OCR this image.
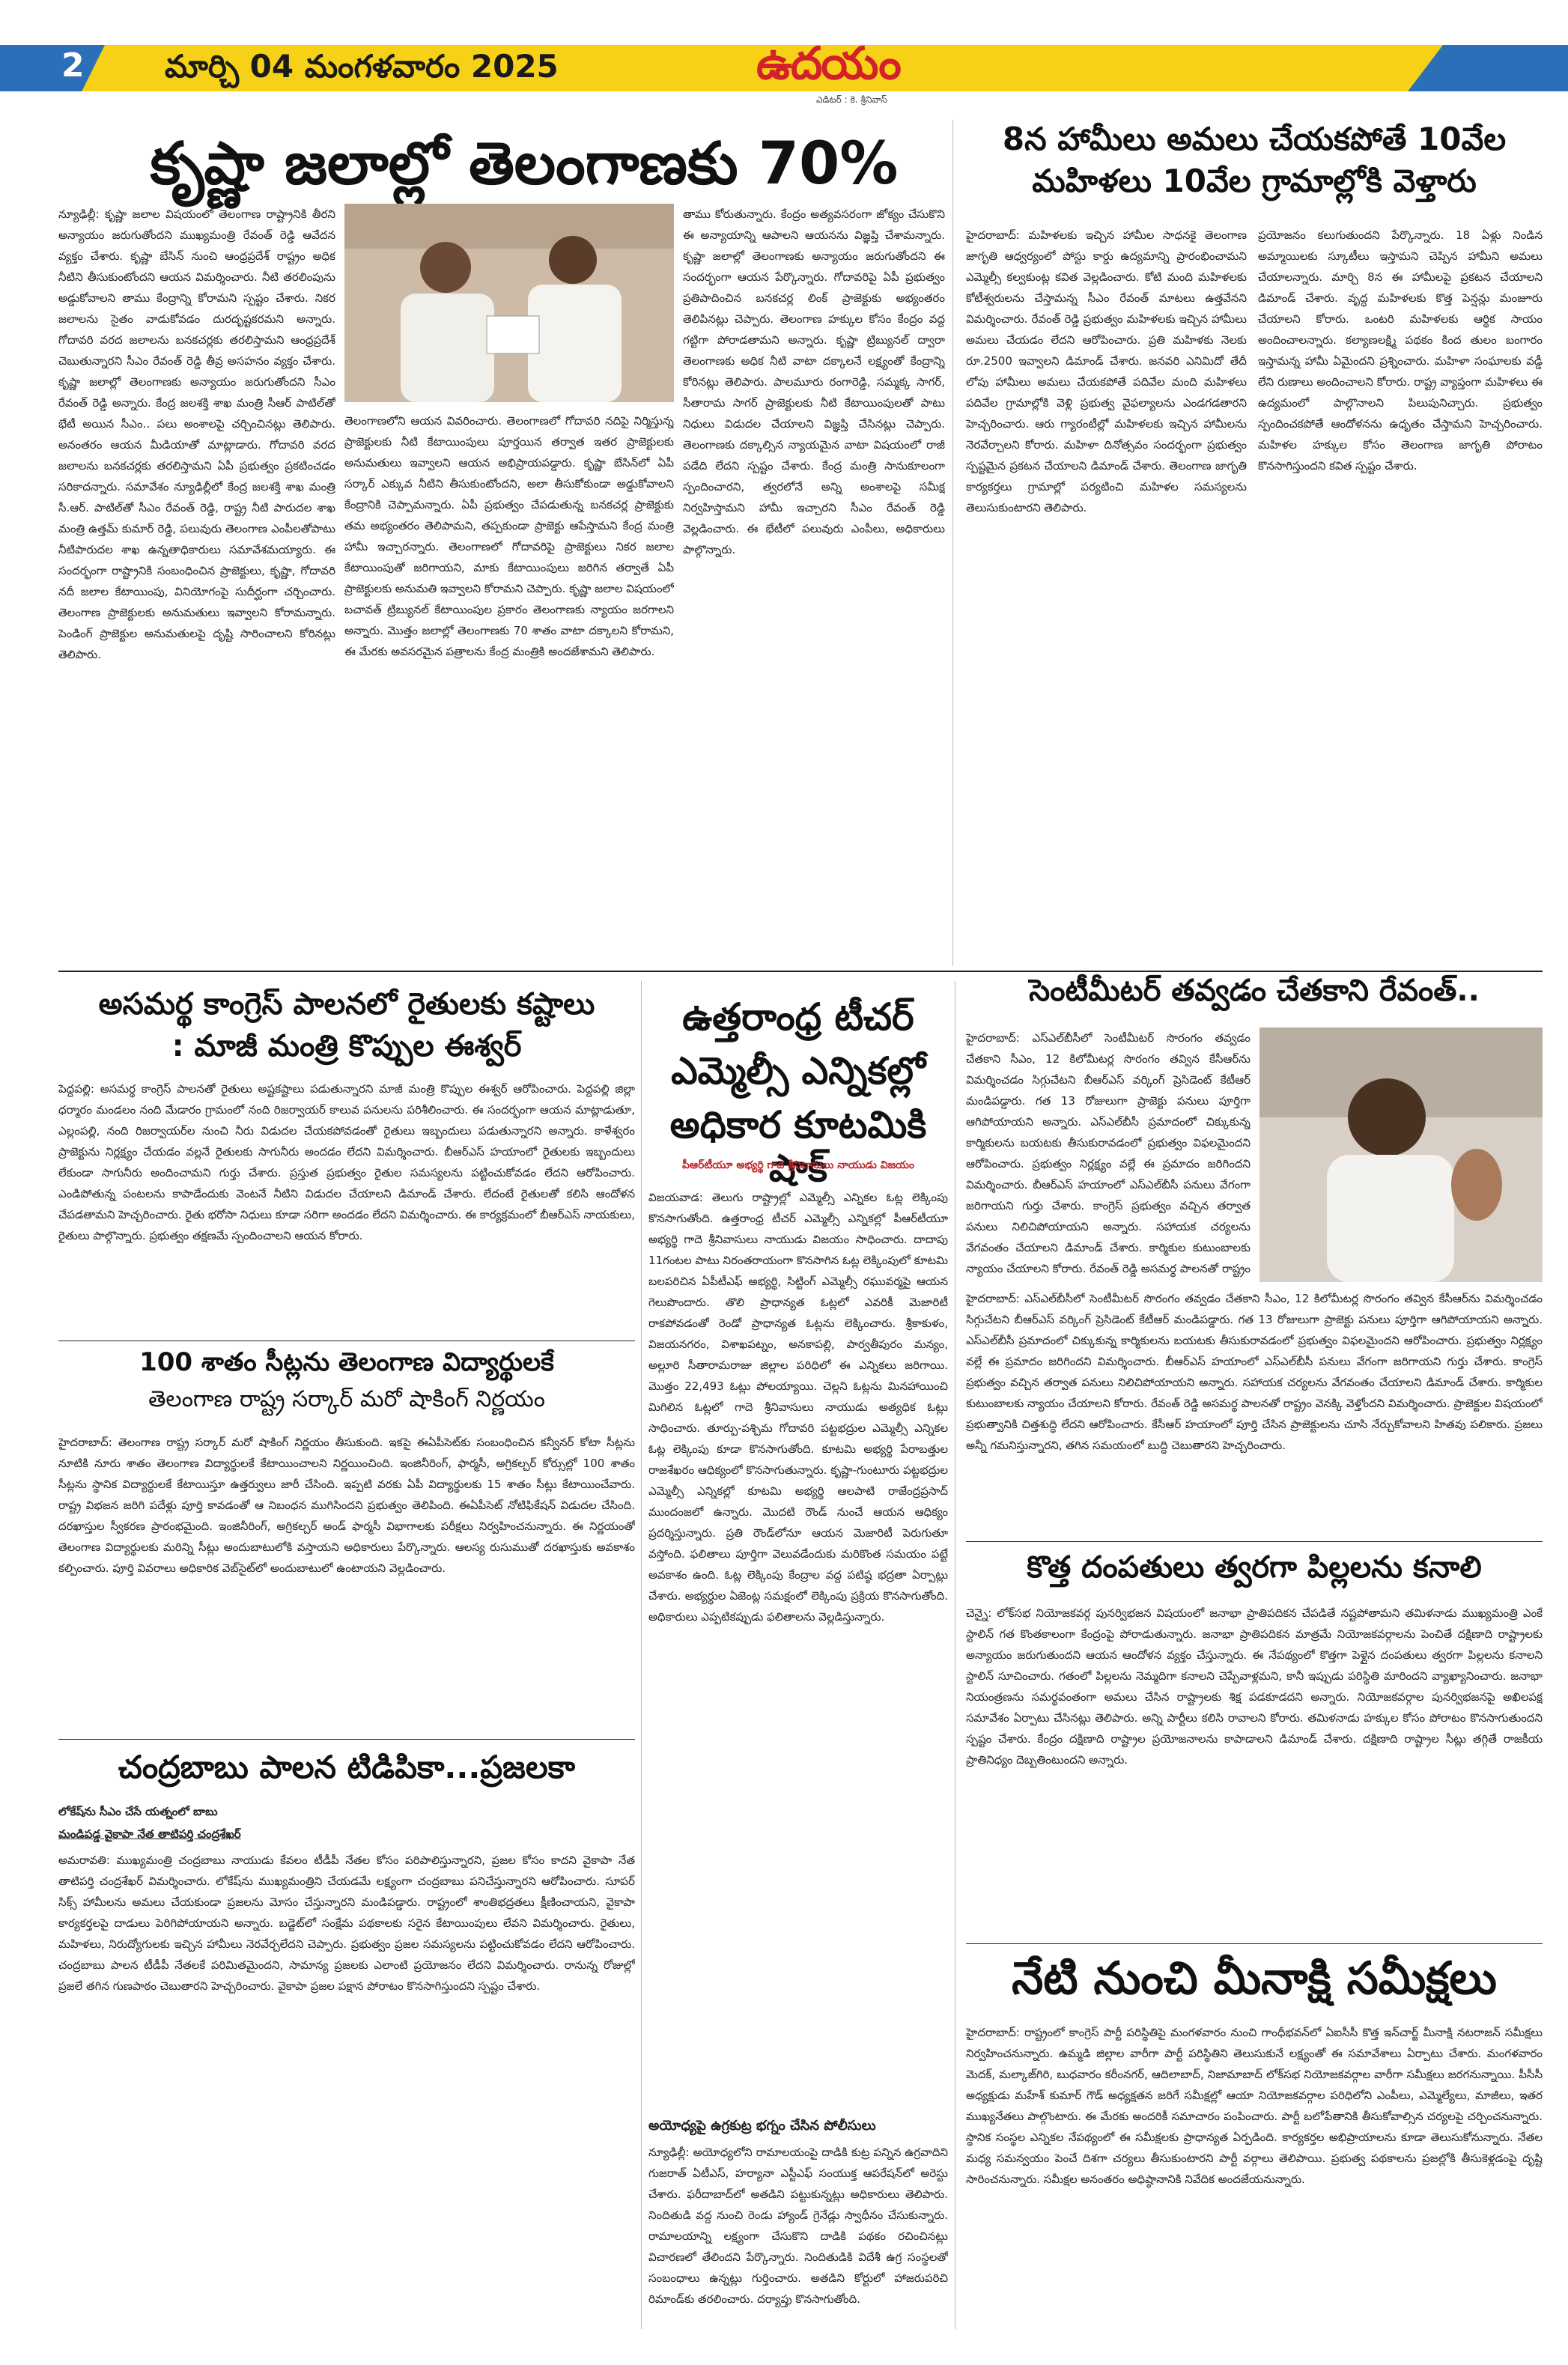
2	మార్చి 04 మంగళవారం 2025	ఉదయం
ఎడిటర్ : కె. శ్రీనివాస్
కృష్ణా జలాల్లో తెలంగాణకు 70%
న్యూఢిల్లీ: కృష్ణా జలాల విషయంలో తెలంగాణ రాష్ట్రానికి తీరని అన్యాయం జరుగుతోందని ముఖ్యమంత్రి రేవంత్ రెడ్డి ఆవేదన వ్యక్తం చేశారు. కృష్ణా బేసిన్ నుంచి ఆంధ్రప్రదేశ్ రాష్ట్రం అధిక నీటిని తీసుకుంటోందని ఆయన విమర్శించారు. నీటి తరలింపును అడ్డుకోవాలని తాము కేంద్రాన్ని కోరామని స్పష్టం చేశారు. నికర జలాలను సైతం వాడుకోవడం దురదృష్టకరమని అన్నారు. గోదావరి వరద జలాలను బనకచర్లకు తరలిస్తామని ఆంధ్రప్రదేశ్ చెబుతున్నారని సీఎం రేవంత్ రెడ్డి తీవ్ర అసహనం వ్యక్తం చేశారు. కృష్ణా జలాల్లో తెలంగాణకు అన్యాయం జరుగుతోందని సీఎం రేవంత్ రెడ్డి అన్నారు. కేంద్ర జలశక్తి శాఖ మంత్రి సీఆర్ పాటిల్‌తో భేటీ అయిన సీఎం.. పలు అంశాలపై చర్చించినట్లు తెలిపారు. అనంతరం ఆయన మీడియాతో మాట్లాడారు. గోదావరి వరద జలాలను బనకచర్లకు తరలిస్తామని ఏపీ ప్రభుత్వం ప్రకటించడం సరికాదన్నారు. సమావేశం న్యూఢిల్లీలో కేంద్ర జలశక్తి శాఖ మంత్రి సీ.ఆర్. పాటిల్‌తో సీఎం రేవంత్ రెడ్డి, రాష్ట్ర నీటి పారుదల శాఖ మంత్రి ఉత్తమ్ కుమార్ రెడ్డి, పలువురు తెలంగాణ ఎంపీలతోపాటు నీటిపారుదల శాఖ ఉన్నతాధికారులు సమావేశమయ్యారు. ఈ సందర్భంగా రాష్ట్రానికి సంబంధించిన ప్రాజెక్టులు, కృష్ణా, గోదావరి నదీ జలాల కేటాయింపు, వినియోగంపై సుదీర్ఘంగా చర్చించారు. తెలంగాణ ప్రాజెక్టులకు అనుమతులు ఇవ్వాలని కోరామన్నారు. పెండింగ్ ప్రాజెక్టుల అనుమతులపై దృష్టి సారించాలని కోరినట్లు తెలిపారు.
తెలంగాణలోని ఆయన వివరించారు. తెలంగాణలో గోదావరి నదిపై నిర్మిస్తున్న ప్రాజెక్టులకు నీటి కేటాయింపులు పూర్తయిన తర్వాత ఇతర ప్రాజెక్టులకు అనుమతులు ఇవ్వాలని ఆయన అభిప్రాయపడ్డారు. కృష్ణా బేసిన్‌లో ఏపీ సర్కార్ ఎక్కువ నీటిని తీసుకుంటోందని, అలా తీసుకోకుండా అడ్డుకోవాలని కేంద్రానికి చెప్పామన్నారు. ఏపీ ప్రభుత్వం చేపడుతున్న బనకచర్ల ప్రాజెక్టుకు తమ అభ్యంతరం తెలిపామని, తప్పకుండా ప్రాజెక్టు ఆపేస్తామని కేంద్ర మంత్రి హామీ ఇచ్చారన్నారు. తెలంగాణలో గోదావరిపై ప్రాజెక్టులు నికర జలాల కేటాయింపుతో జరిగాయని, మాకు కేటాయింపులు జరిగిన తర్వాతే ఏపీ ప్రాజెక్టులకు అనుమతి ఇవ్వాలని కోరామని చెప్పారు. కృష్ణా జలాల విషయంలో బచావత్ ట్రిబ్యునల్ కేటాయింపుల ప్రకారం తెలంగాణకు న్యాయం జరగాలని అన్నారు. మొత్తం జలాల్లో తెలంగాణకు 70 శాతం వాటా దక్కాలని కోరామని, ఈ మేరకు అవసరమైన పత్రాలను కేంద్ర మంత్రికి అందజేశామని తెలిపారు.
తాము కోరుతున్నారు. కేంద్రం అత్యవసరంగా జోక్యం చేసుకొని ఈ అన్యాయాన్ని ఆపాలని ఆయనను విజ్ఞప్తి చేశామన్నారు. కృష్ణా జలాల్లో తెలంగాణకు అన్యాయం జరుగుతోందని ఈ సందర్భంగా ఆయన పేర్కొన్నారు. గోదావరిపై ఏపీ ప్రభుత్వం ప్రతిపాదించిన బనకచర్ల లింక్ ప్రాజెక్టుకు అభ్యంతరం తెలిపినట్లు చెప్పారు. తెలంగాణ హక్కుల కోసం కేంద్రం వద్ద గట్టిగా పోరాడతామని అన్నారు. కృష్ణా ట్రిబ్యునల్ ద్వారా తెలంగాణకు అధిక నీటి వాటా దక్కాలనే లక్ష్యంతో కేంద్రాన్ని కోరినట్లు తెలిపారు. పాలమూరు రంగారెడ్డి, సమ్మక్క సాగర్, సీతారామ సాగర్ ప్రాజెక్టులకు నీటి కేటాయింపులతో పాటు నిధులు విడుదల చేయాలని విజ్ఞప్తి చేసినట్లు చెప్పారు. తెలంగాణకు దక్కాల్సిన న్యాయమైన వాటా విషయంలో రాజీ పడేది లేదని స్పష్టం చేశారు. కేంద్ర మంత్రి సానుకూలంగా స్పందించారని, త్వరలోనే అన్ని అంశాలపై సమీక్ష నిర్వహిస్తామని హామీ ఇచ్చారని సీఎం రేవంత్ రెడ్డి వెల్లడించారు. ఈ భేటీలో పలువురు ఎంపీలు, అధికారులు పాల్గొన్నారు.
8న హామీలు అమలు చేయకపోతే 10వేల
మహిళలు 10వేల గ్రామాల్లోకి వెళ్తారు
హైదరాబాద్: మహిళలకు ఇచ్చిన హామీల సాధనకై తెలంగాణ జాగృతి ఆధ్వర్యంలో పోస్టు కార్డు ఉద్యమాన్ని ప్రారంభించామని ఎమ్మెల్సీ కల్వకుంట్ల కవిత వెల్లడించారు. కోటి మంది మహిళలకు కోటీశ్వరులను చేస్తామన్న సీఎం రేవంత్ మాటలు ఉత్తవేనని విమర్శించారు. రేవంత్ రెడ్డి ప్రభుత్వం మహిళలకు ఇచ్చిన హామీలు అమలు చేయడం లేదని ఆరోపించారు. ప్రతి మహిళకు నెలకు రూ.2500 ఇవ్వాలని డిమాండ్ చేశారు. జనవరి ఎనిమిదో తేదీ లోపు హామీలు అమలు చేయకపోతే పదివేల మంది మహిళలు పదివేల గ్రామాల్లోకి వెళ్లి ప్రభుత్వ వైఫల్యాలను ఎండగడతారని హెచ్చరించారు. ఆరు గ్యారంటీల్లో మహిళలకు ఇచ్చిన హామీలను నెరవేర్చాలని కోరారు. మహిళా దినోత్సవం సందర్భంగా ప్రభుత్వం స్పష్టమైన ప్రకటన చేయాలని డిమాండ్ చేశారు. తెలంగాణ జాగృతి కార్యకర్తలు గ్రామాల్లో పర్యటించి మహిళల సమస్యలను తెలుసుకుంటారని తెలిపారు.
ప్రయోజనం కలుగుతుందని పేర్కొన్నారు. 18 ఏళ్లు నిండిన అమ్మాయిలకు స్కూటీలు ఇస్తామని చెప్పిన హామీని అమలు చేయాలన్నారు. మార్చి 8న ఈ హామీలపై ప్రకటన చేయాలని డిమాండ్ చేశారు. వృద్ధ మహిళలకు కొత్త పెన్షన్లు మంజూరు చేయాలని కోరారు. ఒంటరి మహిళలకు ఆర్థిక సాయం అందించాలన్నారు. కల్యాణలక్ష్మి పథకం కింద తులం బంగారం ఇస్తామన్న హామీ ఏమైందని ప్రశ్నించారు. మహిళా సంఘాలకు వడ్డీ లేని రుణాలు అందించాలని కోరారు. రాష్ట్ర వ్యాప్తంగా మహిళలు ఈ ఉద్యమంలో పాల్గొనాలని పిలుపునిచ్చారు. ప్రభుత్వం స్పందించకపోతే ఆందోళనను ఉధృతం చేస్తామని హెచ్చరించారు. మహిళల హక్కుల కోసం తెలంగాణ జాగృతి పోరాటం కొనసాగిస్తుందని కవిత స్పష్టం చేశారు.
అసమర్థ కాంగ్రెస్ పాలనలో రైతులకు కష్టాలు
: మాజీ మంత్రి కొప్పుల ఈశ్వర్
పెద్దపల్లి: అసమర్థ కాంగ్రెస్ పాలనతో రైతులు అష్టకష్టాలు పడుతున్నారని మాజీ మంత్రి కొప్పుల ఈశ్వర్ ఆరోపించారు. పెద్దపల్లి జిల్లా ధర్మారం మండలం నంది మేడారం గ్రామంలో నంది రిజర్వాయర్ కాలువ పనులను పరిశీలించారు. ఈ సందర్భంగా ఆయన మాట్లాడుతూ, ఎల్లంపల్లి, నంది రిజర్వాయర్‌ల నుంచి నీరు విడుదల చేయకపోవడంతో రైతులు ఇబ్బందులు పడుతున్నారని అన్నారు. కాళేశ్వరం ప్రాజెక్టును నిర్లక్ష్యం చేయడం వల్లనే రైతులకు సాగునీరు అందడం లేదని విమర్శించారు. బీఆర్ఎస్ హయాంలో రైతులకు ఇబ్బందులు లేకుండా సాగునీరు అందించామని గుర్తు చేశారు. ప్రస్తుత ప్రభుత్వం రైతుల సమస్యలను పట్టించుకోవడం లేదని ఆరోపించారు. ఎండిపోతున్న పంటలను కాపాడేందుకు వెంటనే నీటిని విడుదల చేయాలని డిమాండ్ చేశారు. లేదంటే రైతులతో కలిసి ఆందోళన చేపడతామని హెచ్చరించారు. రైతు భరోసా నిధులు కూడా సరిగా అందడం లేదని విమర్శించారు. ఈ కార్యక్రమంలో బీఆర్ఎస్ నాయకులు, రైతులు పాల్గొన్నారు. ప్రభుత్వం తక్షణమే స్పందించాలని ఆయన కోరారు.
100 శాతం సీట్లను తెలంగాణ విద్యార్థులకే
తెలంగాణ రాష్ట్ర సర్కార్ మరో షాకింగ్ నిర్ణయం
హైదరాబాద్: తెలంగాణ రాష్ట్ర సర్కార్ మరో షాకింగ్ నిర్ణయం తీసుకుంది. ఇకపై ఈఏపీసెట్‌కు సంబంధించిన కన్వీనర్ కోటా సీట్లను నూటికి నూరు శాతం తెలంగాణ విద్యార్థులకే కేటాయించాలని నిర్ణయించింది. ఇంజినీరింగ్, ఫార్మసీ, అగ్రికల్చర్ కోర్సుల్లో 100 శాతం సీట్లను స్థానిక విద్యార్థులకే కేటాయిస్తూ ఉత్తర్వులు జారీ చేసింది. ఇప్పటి వరకు ఏపీ విద్యార్థులకు 15 శాతం సీట్లు కేటాయించేవారు. రాష్ట్ర విభజన జరిగి పదేళ్లు పూర్తి కావడంతో ఆ నిబంధన ముగిసిందని ప్రభుత్వం తెలిపింది. ఈఏపీసెట్ నోటిఫికేషన్ విడుదల చేసింది. దరఖాస్తుల స్వీకరణ ప్రారంభమైంది. ఇంజినీరింగ్, అగ్రికల్చర్ అండ్ ఫార్మసీ విభాగాలకు పరీక్షలు నిర్వహించనున్నారు. ఈ నిర్ణయంతో తెలంగాణ విద్యార్థులకు మరిన్ని సీట్లు అందుబాటులోకి వస్తాయని అధికారులు పేర్కొన్నారు. ఆలస్య రుసుముతో దరఖాస్తుకు అవకాశం కల్పించారు. పూర్తి వివరాలు అధికారిక వెబ్‌సైట్‌లో అందుబాటులో ఉంటాయని వెల్లడించారు.
చంద్రబాబు పాలన టిడిపికా...ప్రజలకా
లోకేష్‌ను సీఎం చేసే యత్నంలో బాబు
మండిపడ్డ వైకాపా నేత తాటిపర్తి చంద్రశేఖర్
అమరావతి: ముఖ్యమంత్రి చంద్రబాబు నాయుడు కేవలం టీడీపీ నేతల కోసం పరిపాలిస్తున్నారని, ప్రజల కోసం కాదని వైకాపా నేత తాటిపర్తి చంద్రశేఖర్ విమర్శించారు. లోకేష్‌ను ముఖ్యమంత్రిని చేయడమే లక్ష్యంగా చంద్రబాబు పనిచేస్తున్నారని ఆరోపించారు. సూపర్ సిక్స్ హామీలను అమలు చేయకుండా ప్రజలను మోసం చేస్తున్నారని మండిపడ్డారు. రాష్ట్రంలో శాంతిభద్రతలు క్షీణించాయని, వైకాపా కార్యకర్తలపై దాడులు పెరిగిపోయాయని అన్నారు. బడ్జెట్‌లో సంక్షేమ పథకాలకు సరైన కేటాయింపులు లేవని విమర్శించారు. రైతులు, మహిళలు, నిరుద్యోగులకు ఇచ్చిన హామీలు నెరవేర్చలేదని చెప్పారు. ప్రభుత్వం ప్రజల సమస్యలను పట్టించుకోవడం లేదని ఆరోపించారు. చంద్రబాబు పాలన టీడీపీ నేతలకే పరిమితమైందని, సామాన్య ప్రజలకు ఎలాంటి ప్రయోజనం లేదని విమర్శించారు. రానున్న రోజుల్లో ప్రజలే తగిన గుణపాఠం చెబుతారని హెచ్చరించారు. వైకాపా ప్రజల పక్షాన పోరాటం కొనసాగిస్తుందని స్పష్టం చేశారు.
ఉత్తరాంధ్ర టీచర్
ఎమ్మెల్సీ ఎన్నికల్లో
అధికార కూటమికి షాక్
పీఆర్‌టీయూ అభ్యర్థి గాదె శ్రీనివాసులు నాయుడు విజయం
విజయవాడ: తెలుగు రాష్ట్రాల్లో ఎమ్మెల్సీ ఎన్నికల ఓట్ల లెక్కింపు కొనసాగుతోంది. ఉత్తరాంధ్ర టీచర్ ఎమ్మెల్సీ ఎన్నికల్లో పీఆర్‌టీయూ అభ్యర్థి గాదె శ్రీనివాసులు నాయుడు విజయం సాధించారు. దాదాపు 11గంటల పాటు నిరంతరాయంగా కొనసాగిన ఓట్ల లెక్కింపులో కూటమి బలపరిచిన ఏపీటీఎఫ్ అభ్యర్థి, సిట్టింగ్ ఎమ్మెల్సీ రఘువర్మపై ఆయన గెలుపొందారు. తొలి ప్రాధాన్యత ఓట్లలో ఎవరికీ మెజారిటీ రాకపోవడంతో రెండో ప్రాధాన్యత ఓట్లను లెక్కించారు. శ్రీకాకుళం, విజయనగరం, విశాఖపట్నం, అనకాపల్లి, పార్వతీపురం మన్యం, అల్లూరి సీతారామరాజు జిల్లాల పరిధిలో ఈ ఎన్నికలు జరిగాయి. మొత్తం 22,493 ఓట్లు పోలయ్యాయి. చెల్లని ఓట్లను మినహాయించి మిగిలిన ఓట్లలో గాదె శ్రీనివాసులు నాయుడు అత్యధిక ఓట్లు సాధించారు. తూర్పు-పశ్చిమ గోదావరి పట్టభద్రుల ఎమ్మెల్సీ ఎన్నికల ఓట్ల లెక్కింపు కూడా కొనసాగుతోంది. కూటమి అభ్యర్థి పేరాబత్తుల రాజశేఖరం ఆధిక్యంలో కొనసాగుతున్నారు. కృష్ణా-గుంటూరు పట్టభద్రుల ఎమ్మెల్సీ ఎన్నికల్లో కూటమి అభ్యర్థి ఆలపాటి రాజేంద్రప్రసాద్ ముందంజలో ఉన్నారు. మొదటి రౌండ్ నుంచే ఆయన ఆధిక్యం ప్రదర్శిస్తున్నారు. ప్రతి రౌండ్‌లోనూ ఆయన మెజారిటీ పెరుగుతూ వస్తోంది. ఫలితాలు పూర్తిగా వెలువడేందుకు మరికొంత సమయం పట్టే అవకాశం ఉంది. ఓట్ల లెక్కింపు కేంద్రాల వద్ద పటిష్ఠ భద్రతా ఏర్పాట్లు చేశారు. అభ్యర్థుల ఏజెంట్ల సమక్షంలో లెక్కింపు ప్రక్రియ కొనసాగుతోంది. అధికారులు ఎప్పటికప్పుడు ఫలితాలను వెల్లడిస్తున్నారు.
అయోధ్యపై ఉగ్రకుట్ర భగ్నం చేసిన పోలీసులు
న్యూఢిల్లీ: అయోధ్యలోని రామాలయంపై దాడికి కుట్ర పన్నిన ఉగ్రవాదిని గుజరాత్ ఏటీఎస్, హర్యానా ఎస్టీఎఫ్ సంయుక్త ఆపరేషన్‌లో అరెస్టు చేశారు. ఫరీదాబాద్‌లో అతడిని పట్టుకున్నట్లు అధికారులు తెలిపారు. నిందితుడి వద్ద నుంచి రెండు హ్యాండ్ గ్రెనేడ్లు స్వాధీనం చేసుకున్నారు. రామాలయాన్ని లక్ష్యంగా చేసుకొని దాడికి పథకం రచించినట్లు విచారణలో తేలిందని పేర్కొన్నారు. నిందితుడికి విదేశీ ఉగ్ర సంస్థలతో సంబంధాలు ఉన్నట్లు గుర్తించారు. అతడిని కోర్టులో హాజరుపరిచి రిమాండ్‌కు తరలించారు. దర్యాప్తు కొనసాగుతోంది.
సెంటీమీటర్ తవ్వడం చేతకాని రేవంత్..
హైదరాబాద్: ఎస్ఎల్‌బీసీలో సెంటీమీటర్ సొరంగం తవ్వడం చేతకాని సీఎం, 12 కిలోమీటర్ల సొరంగం తవ్విన కేసీఆర్‌ను విమర్శించడం సిగ్గుచేటని బీఆర్ఎస్ వర్కింగ్ ప్రెసిడెంట్ కేటీఆర్ మండిపడ్డారు. గత 13 రోజులుగా ప్రాజెక్టు పనులు పూర్తిగా ఆగిపోయాయని అన్నారు. ఎస్ఎల్‌బీసీ ప్రమాదంలో చిక్కుకున్న కార్మికులను బయటకు తీసుకురావడంలో ప్రభుత్వం విఫలమైందని ఆరోపించారు. ప్రభుత్వం నిర్లక్ష్యం వల్లే ఈ ప్రమాదం జరిగిందని విమర్శించారు. బీఆర్ఎస్ హయాంలో ఎస్ఎల్‌బీసీ పనులు వేగంగా జరిగాయని గుర్తు చేశారు. కాంగ్రెస్ ప్రభుత్వం వచ్చిన తర్వాత పనులు నిలిచిపోయాయని అన్నారు. సహాయక చర్యలను వేగవంతం చేయాలని డిమాండ్ చేశారు. కార్మికుల కుటుంబాలకు న్యాయం చేయాలని కోరారు. రేవంత్ రెడ్డి అసమర్థ పాలనతో రాష్ట్రం
హైదరాబాద్: ఎస్ఎల్‌బీసీలో సెంటీమీటర్ సొరంగం తవ్వడం చేతకాని సీఎం, 12 కిలోమీటర్ల సొరంగం తవ్విన కేసీఆర్‌ను విమర్శించడం సిగ్గుచేటని బీఆర్ఎస్ వర్కింగ్ ప్రెసిడెంట్ కేటీఆర్ మండిపడ్డారు. గత 13 రోజులుగా ప్రాజెక్టు పనులు పూర్తిగా ఆగిపోయాయని అన్నారు. ఎస్ఎల్‌బీసీ ప్రమాదంలో చిక్కుకున్న కార్మికులను బయటకు తీసుకురావడంలో ప్రభుత్వం విఫలమైందని ఆరోపించారు. ప్రభుత్వం నిర్లక్ష్యం వల్లే ఈ ప్రమాదం జరిగిందని విమర్శించారు. బీఆర్ఎస్ హయాంలో ఎస్ఎల్‌బీసీ పనులు వేగంగా జరిగాయని గుర్తు చేశారు. కాంగ్రెస్ ప్రభుత్వం వచ్చిన తర్వాత పనులు నిలిచిపోయాయని అన్నారు. సహాయక చర్యలను వేగవంతం చేయాలని డిమాండ్ చేశారు. కార్మికుల కుటుంబాలకు న్యాయం చేయాలని కోరారు. రేవంత్ రెడ్డి అసమర్థ పాలనతో రాష్ట్రం వెనక్కి వెళ్తోందని విమర్శించారు. ప్రాజెక్టుల విషయంలో ప్రభుత్వానికి చిత్తశుద్ధి లేదని ఆరోపించారు. కేసీఆర్ హయాంలో పూర్తి చేసిన ప్రాజెక్టులను చూసి నేర్చుకోవాలని హితవు పలికారు. ప్రజలు అన్నీ గమనిస్తున్నారని, తగిన సమయంలో బుద్ధి చెబుతారని హెచ్చరించారు.
కొత్త దంపతులు త్వరగా పిల్లలను కనాలి
చెన్నై: లోక్‌సభ నియోజకవర్గ పునర్విభజన విషయంలో జనాభా ప్రాతిపదికన చేపడితే నష్టపోతామని తమిళనాడు ముఖ్యమంత్రి ఎంకే స్టాలిన్ గత కొంతకాలంగా కేంద్రంపై పోరాడుతున్నారు. జనాభా ప్రాతిపదికన మాత్రమే నియోజకవర్గాలను పెంచితే దక్షిణాది రాష్ట్రాలకు అన్యాయం జరుగుతుందని ఆయన ఆందోళన వ్యక్తం చేస్తున్నారు. ఈ నేపథ్యంలో కొత్తగా పెళ్లైన దంపతులు త్వరగా పిల్లలను కనాలని స్టాలిన్ సూచించారు. గతంలో పిల్లలను నెమ్మదిగా కనాలని చెప్పేవాళ్లమని, కానీ ఇప్పుడు పరిస్థితి మారిందని వ్యాఖ్యానించారు. జనాభా నియంత్రణను సమర్థవంతంగా అమలు చేసిన రాష్ట్రాలకు శిక్ష పడకూడదని అన్నారు. నియోజకవర్గాల పునర్విభజనపై అఖిలపక్ష సమావేశం ఏర్పాటు చేసినట్లు తెలిపారు. అన్ని పార్టీలు కలిసి రావాలని కోరారు. తమిళనాడు హక్కుల కోసం పోరాటం కొనసాగుతుందని స్పష్టం చేశారు. కేంద్రం దక్షిణాది రాష్ట్రాల ప్రయోజనాలను కాపాడాలని డిమాండ్ చేశారు. దక్షిణాది రాష్ట్రాల సీట్లు తగ్గితే రాజకీయ ప్రాతినిధ్యం దెబ్బతింటుందని అన్నారు.
నేటి నుంచి మీనాక్షి సమీక్షలు
హైదరాబాద్: రాష్ట్రంలో కాంగ్రెస్ పార్టీ పరిస్థితిపై మంగళవారం నుంచి గాంధీభవన్‌లో ఏఐసీసీ కొత్త ఇన్‌చార్జ్ మీనాక్షి నటరాజన్ సమీక్షలు నిర్వహించనున్నారు. ఉమ్మడి జిల్లాల వారీగా పార్టీ పరిస్థితిని తెలుసుకునే లక్ష్యంతో ఈ సమావేశాలు ఏర్పాటు చేశారు. మంగళవారం మెదక్, మల్కాజ్‌గిరి, బుధవారం కరీంనగర్, ఆదిలాబాద్, నిజామాబాద్ లోక్‌సభ నియోజకవర్గాల వారీగా సమీక్షలు జరగనున్నాయి. పీసీసీ అధ్యక్షుడు మహేశ్ కుమార్ గౌడ్ అధ్యక్షతన జరిగే సమీక్షల్లో ఆయా నియోజకవర్గాల పరిధిలోని ఎంపీలు, ఎమ్మెల్యేలు, మాజీలు, ఇతర ముఖ్యనేతలు పాల్గొంటారు. ఈ మేరకు అందరికీ సమాచారం పంపించారు. పార్టీ బలోపేతానికి తీసుకోవాల్సిన చర్యలపై చర్చించనున్నారు. స్థానిక సంస్థల ఎన్నికల నేపథ్యంలో ఈ సమీక్షలకు ప్రాధాన్యత ఏర్పడింది. కార్యకర్తల అభిప్రాయాలను కూడా తెలుసుకోనున్నారు. నేతల మధ్య సమన్వయం పెంచే దిశగా చర్యలు తీసుకుంటారని పార్టీ వర్గాలు తెలిపాయి. ప్రభుత్వ పథకాలను ప్రజల్లోకి తీసుకెళ్లడంపై దృష్టి సారించనున్నారు. సమీక్షల అనంతరం అధిష్ఠానానికి నివేదిక అందజేయనున్నారు.
